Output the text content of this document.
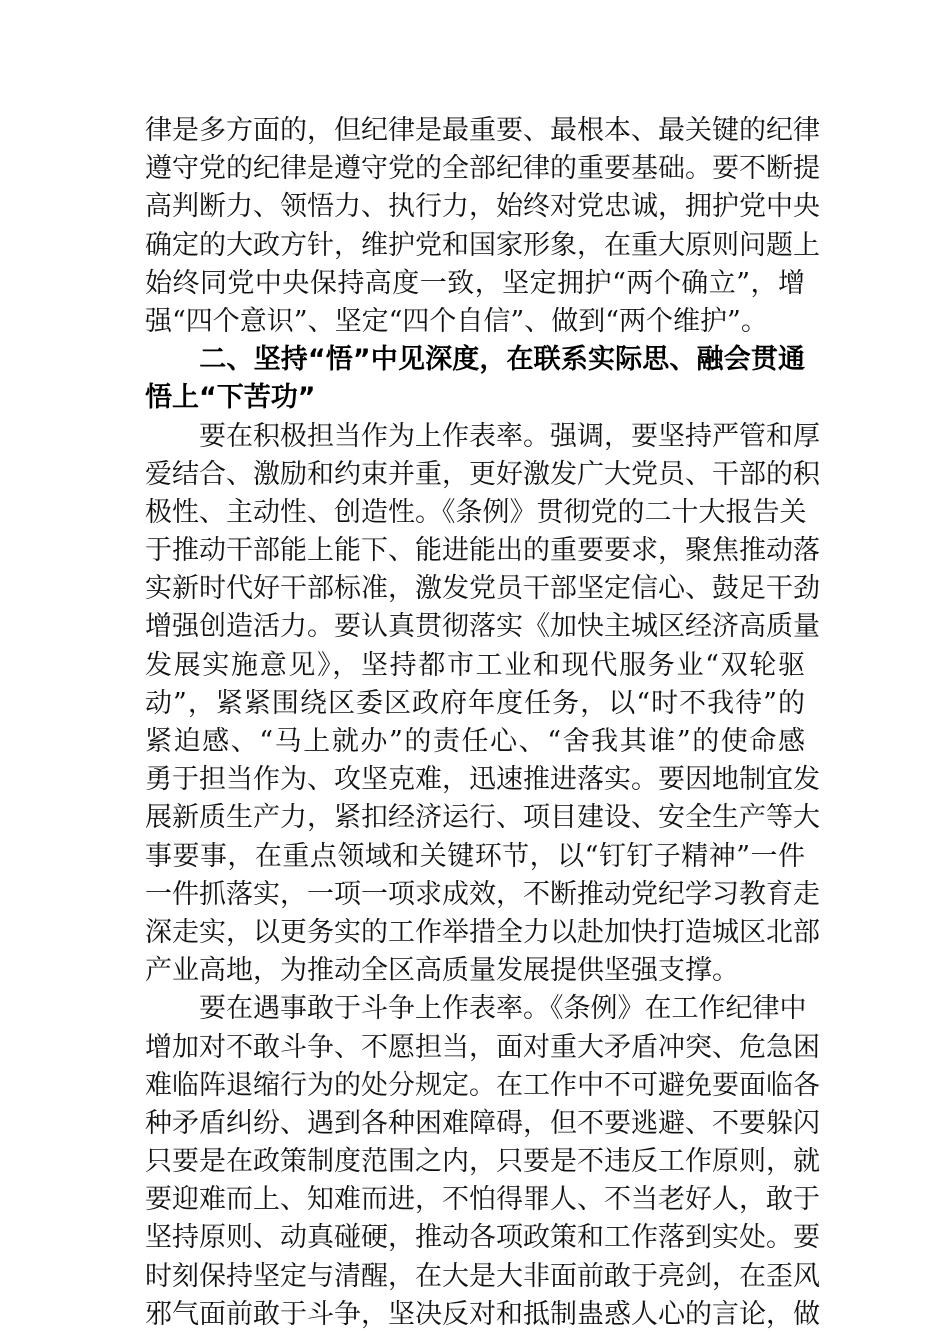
律是多方面的，但纪律是最重要、最根本、最关键的纪律
遵守党的纪律是遵守党的全部纪律的重要基础。要不断提
高判断力、领悟力、执行力，始终对党忠诚，拥护党中央
确定的大政方针，维护党和国家形象，在重大原则问题上
始终同党中央保持高度一致，坚定拥护“两个确立”，增
强“四个意识”、坚定“四个自信”、做到“两个维护”。
　　二、坚持“悟”中见深度，在联系实际思、融会贯通
悟上“下苦功”
　　要在积极担当作为上作表率。强调，要坚持严管和厚
爱结合、激励和约束并重，更好激发广大党员、干部的积
极性、主动性、创造性。《条例》贯彻党的二十大报告关
于推动干部能上能下、能进能出的重要要求，聚焦推动落
实新时代好干部标准，激发党员干部坚定信心、鼓足干劲
增强创造活力。要认真贯彻落实《加快主城区经济高质量
发展实施意见》，坚持都市工业和现代服务业“双轮驱
动”，紧紧围绕区委区政府年度任务，以“时不我待”的
紧迫感、“马上就办”的责任心、“舍我其谁”的使命感
勇于担当作为、攻坚克难，迅速推进落实。要因地制宜发
展新质生产力，紧扣经济运行、项目建设、安全生产等大
事要事，在重点领域和关键环节，以“钉钉子精神”一件
一件抓落实，一项一项求成效，不断推动党纪学习教育走
深走实，以更务实的工作举措全力以赴加快打造城区北部
产业高地，为推动全区高质量发展提供坚强支撑。
　　要在遇事敢于斗争上作表率。《条例》在工作纪律中
增加对不敢斗争、不愿担当，面对重大矛盾冲突、危急困
难临阵退缩行为的处分规定。在工作中不可避免要面临各
种矛盾纠纷、遇到各种困难障碍，但不要逃避、不要躲闪
只要是在政策制度范围之内，只要是不违反工作原则，就
要迎难而上、知难而进，不怕得罪人、不当老好人，敢于
坚持原则、动真碰硬，推动各项政策和工作落到实处。要
时刻保持坚定与清醒，在大是大非面前敢于亮剑，在歪风
邪气面前敢于斗争，坚决反对和抵制蛊惑人心的言论，做
